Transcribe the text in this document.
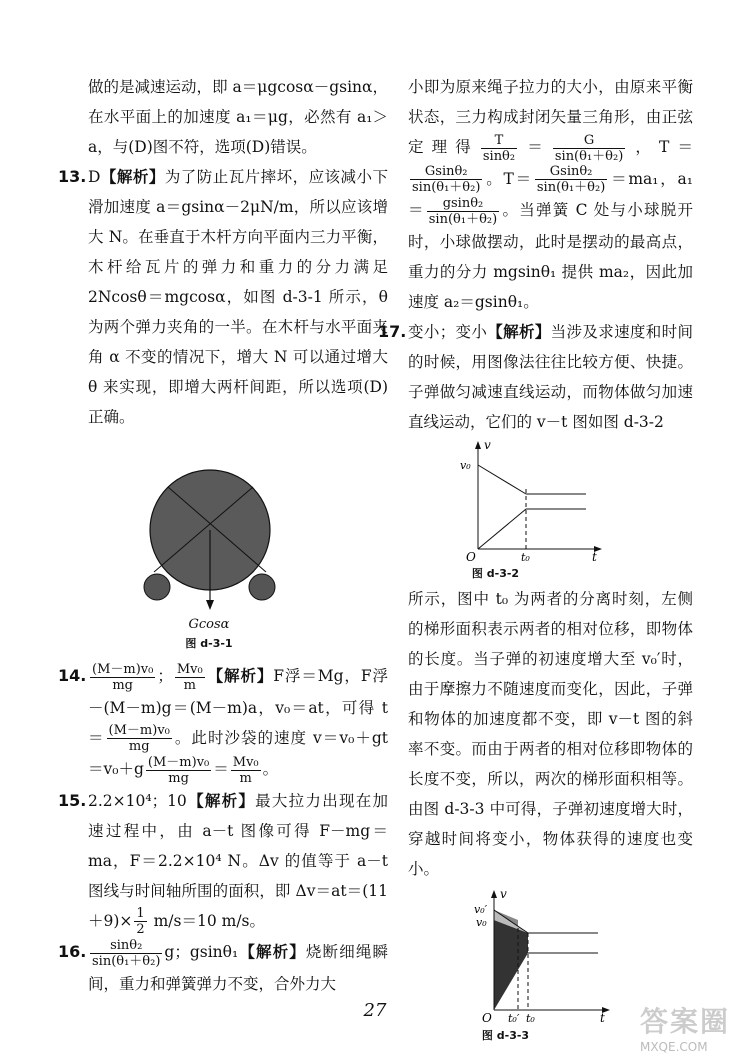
做的是减速运动，即 a＝μgcosα－gsinα，在水平面上的加速度 a₁＝μg，必然有 a₁＞a，与(D)图不符，选项(D)错误。

13. D【解析】为了防止瓦片摔坏，应该减小下滑加速度 a＝gsinα－2μN/m，所以应该增大 N。在垂直于木杆方向平面内三力平衡，木杆给瓦片的弹力和重力的分力满足 2Ncosθ＝mgcosα，如图 d-3-1 所示，θ 为两个弹力夹角的一半。在木杆与水平面夹角 α 不变的情况下，增大 N 可以通过增大 θ 来实现，即增大两杆间距，所以选项(D)正确。

Gcosα
图 d-3-1
14. $\frac{\text{(M－m)v₀}}{mg}$ ； $\frac{\text{Mv₀}}{m}$ 【解析】F浮＝Mg，F浮－(M－m)g＝(M－m)a，v₀＝at，可得 $t= \frac{\text{(M－m)v₀}}{mg}$ 。此时沙袋的速度 $v=v_0+gt=v_0+g \frac{\text{(M－m)v₀}}{mg} = \frac{\text{Mv₀}}{m}$ 。

15. 2.2×10⁴；10【解析】最大拉力出现在加速过程中，由 a－t 图像可得 F－mg＝ma，F＝2.2×10⁴ N。Δv 的值等于 a－t 图线与时间轴所围的面积，即 $\Delta v=at=(11+9)\times \frac{1}{2} m/s=10$ m/s。

16. $\frac{\text{sinθ₂}}{\text{sin(θ₁＋θ₂)}}$ g；gsinθ₁【解析】烧断细绳瞬间，重力和弹簧弹力不变，合外力大

小即为原来绳子拉力的大小，由原来平衡状态，三力构成封闭矢量三角形，由正弦定理得 $\frac{T}{\text{sinθ₂}} = \frac{G}{\text{sin(θ₁＋θ₂)}}$ ，T＝
$\frac{\text{Gsinθ₂}}{\text{sin(θ₁＋θ₂)}}$ 。$T= \frac{\text{Gsinθ₂}}{\text{sin(θ₁＋θ₂)}} =ma_1$，$a_1= \frac{\text{gsinθ₂}}{\text{sin(θ₁＋θ₂)}}$ 。当弹簧 C 处与小球脱开时，小球做摆动，此时是摆动的最高点，重力的分力 mgsinθ₁ 提供 ma₂，因此加速度 a₂＝gsinθ₁。

17. 变小；变小【解析】当涉及求速度和时间的时候，用图像法往往比较方便、快捷。子弹做匀减速直线运动，而物体做匀加速直线运动，它们的 v－t 图如图 d-3-2

v
v₀
O	t₀	t
图 d-3-2

所示，图中 t₀ 为两者的分离时刻，左侧的梯形面积表示两者的相对位移，即物体的长度。当子弹的初速度增大至 v₀′时，由于摩擦力不随速度而变化，因此，子弹和物体的加速度都不变，即 v－t 图的斜率不变。而由于两者的相对位移即物体的长度不变，所以，两次的梯形面积相等。由图 d-3-3 中可得，子弹初速度增大时，穿越时间将变小，物体获得的速度也变小。

v
v₀′
v₀
O t₀′ t₀	t
图 d-3-3
27	答案圈
MXQE.COM
